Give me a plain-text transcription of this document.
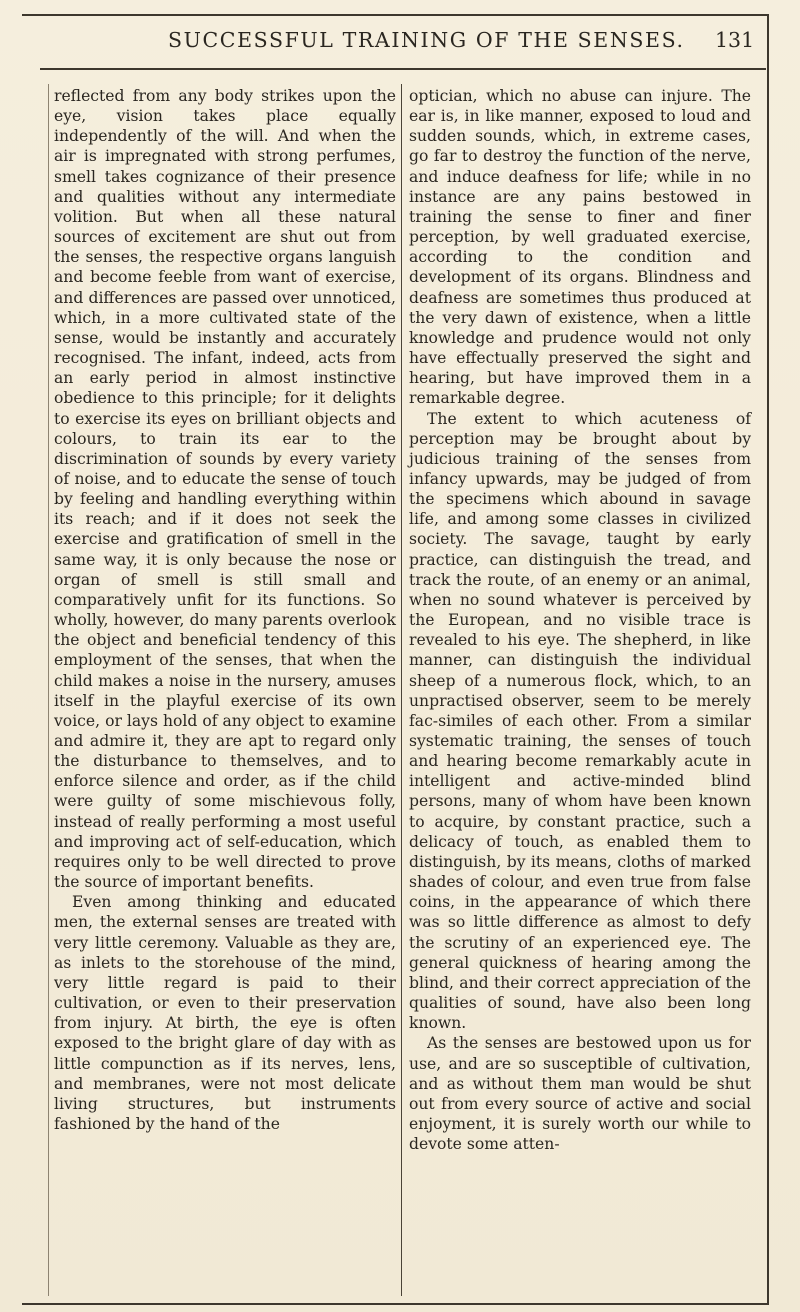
SUCCESSFUL TRAINING OF THE SENSES. 131

reflected from any body strikes upon the eye, vision takes place equally independently of the will. And when the air is impregnated with strong perfumes, smell takes cognizance of their presence and qualities without any intermediate volition. But when all these natural sources of excitement are shut out from the senses, the respective organs languish and become feeble from want of exercise, and differences are passed over unnoticed, which, in a more cultivated state of the sense, would be instantly and accurately recognised. The infant, indeed, acts from an early period in almost instinctive obedience to this principle; for it delights to exercise its eyes on brilliant objects and colours, to train its ear to the discrimination of sounds by every variety of noise, and to educate the sense of touch by feeling and handling everything within its reach; and if it does not seek the exercise and gratification of smell in the same way, it is only because the nose or organ of smell is still small and comparatively unfit for its functions. So wholly, however, do many parents overlook the object and beneficial tendency of this employment of the senses, that when the child makes a noise in the nursery, amuses itself in the playful exercise of its own voice, or lays hold of any object to examine and admire it, they are apt to regard only the disturbance to themselves, and to enforce silence and order, as if the child were guilty of some mischievous folly, instead of really performing a most useful and improving act of self-education, which requires only to be well directed to prove the source of important benefits.

Even among thinking and educated men, the external senses are treated with very little ceremony. Valuable as they are, as inlets to the storehouse of the mind, very little regard is paid to their cultivation, or even to their preservation from injury. At birth, the eye is often exposed to the bright glare of day with as little compunction as if its nerves, lens, and membranes, were not most delicate living structures, but instruments fashioned by the hand of the

optician, which no abuse can injure. The ear is, in like manner, exposed to loud and sudden sounds, which, in extreme cases, go far to destroy the function of the nerve, and induce deafness for life; while in no instance are any pains bestowed in training the sense to finer and finer perception, by well graduated exercise, according to the condition and development of its organs. Blindness and deafness are sometimes thus produced at the very dawn of existence, when a little knowledge and prudence would not only have effectually preserved the sight and hearing, but have improved them in a remarkable degree.

The extent to which acuteness of perception may be brought about by judicious training of the senses from infancy upwards, may be judged of from the specimens which abound in savage life, and among some classes in civilized society. The savage, taught by early practice, can distinguish the tread, and track the route, of an enemy or an animal, when no sound whatever is perceived by the European, and no visible trace is revealed to his eye. The shepherd, in like manner, can distinguish the individual sheep of a numerous flock, which, to an unpractised observer, seem to be merely fac-similes of each other. From a similar systematic training, the senses of touch and hearing become remarkably acute in intelligent and active-minded blind persons, many of whom have been known to acquire, by constant practice, such a delicacy of touch, as enabled them to distinguish, by its means, cloths of marked shades of colour, and even true from false coins, in the appearance of which there was so little difference as almost to defy the scrutiny of an experienced eye. The general quickness of hearing among the blind, and their correct appreciation of the qualities of sound, have also been long known.

As the senses are bestowed upon us for use, and are so susceptible of cultivation, and as without them man would be shut out from every source of active and social enjoyment, it is surely worth our while to devote some atten-
